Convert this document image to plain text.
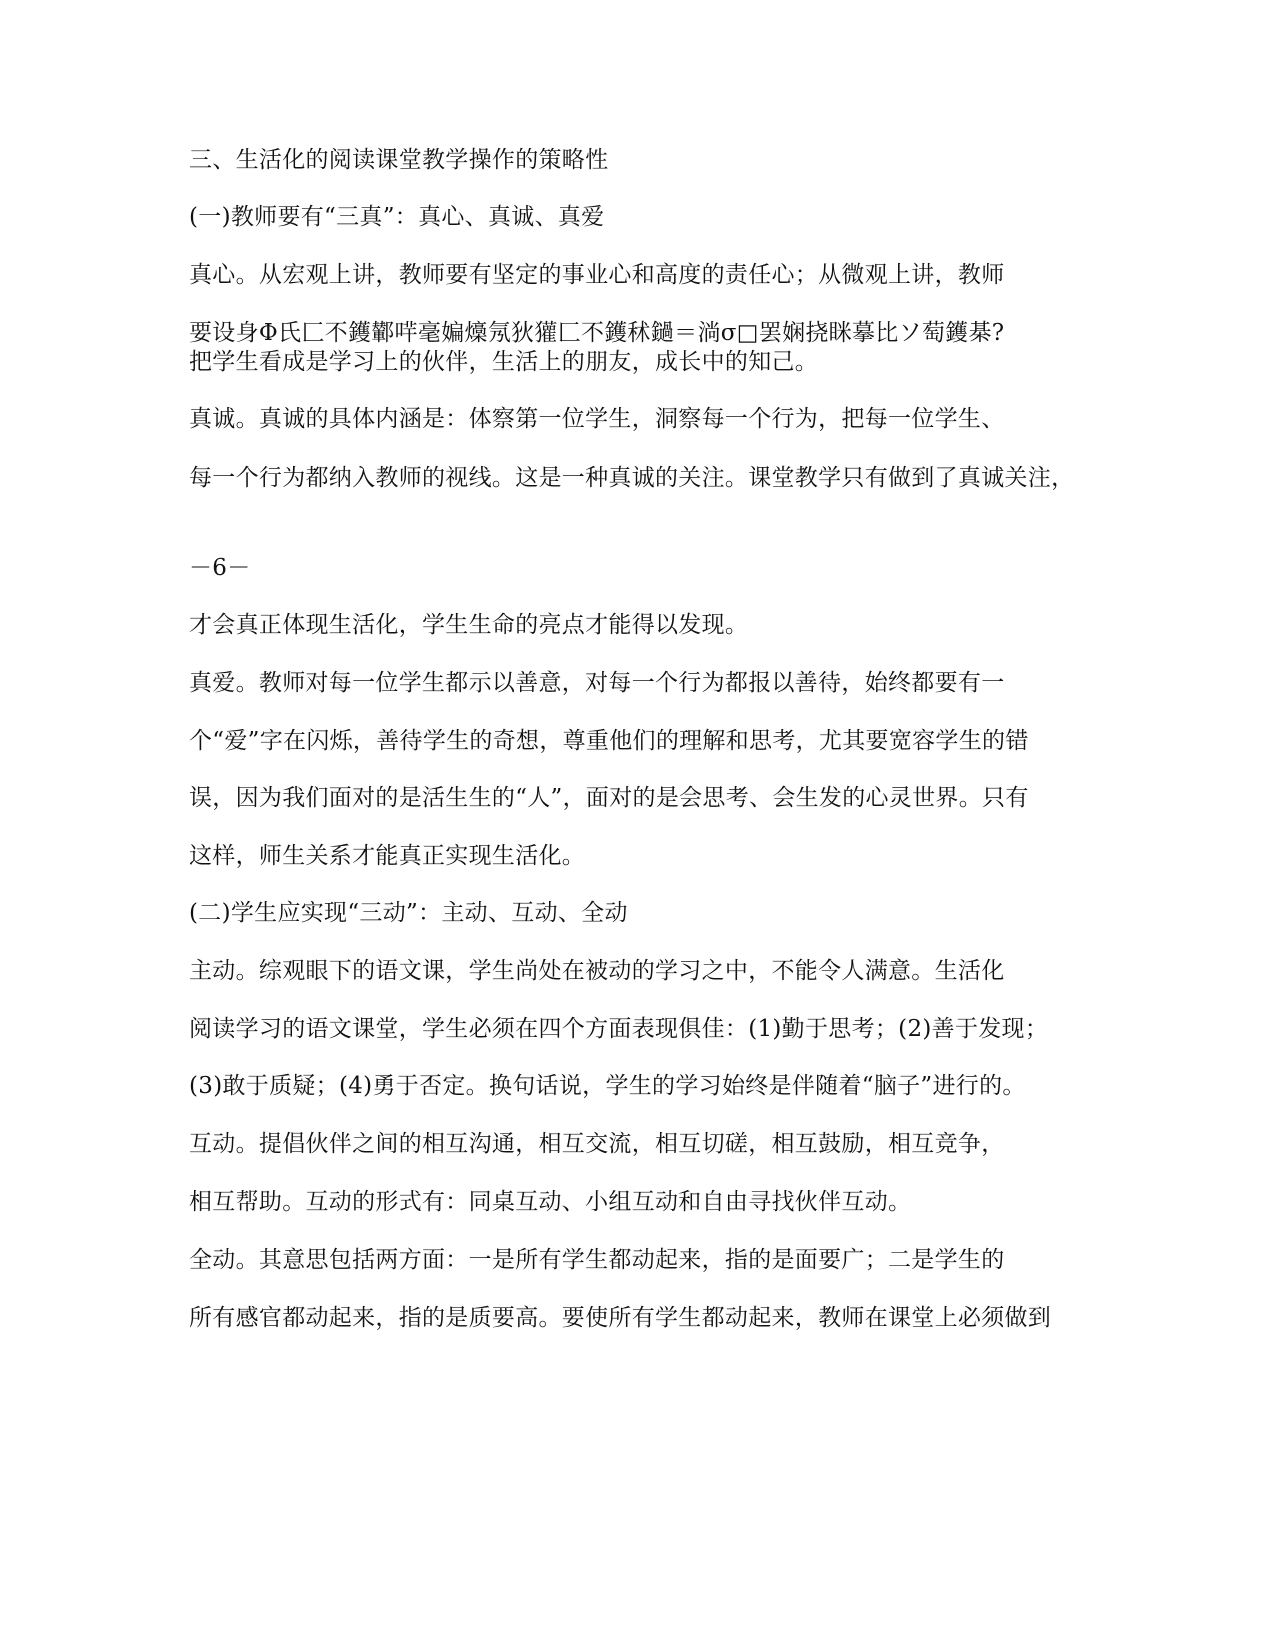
三、生活化的阅读课堂教学操作的策略性
(一)教师要有“三真”：真心、真诚、真爱
真心。从宏观上讲，教师要有坚定的事业心和高度的责任心；从微观上讲，教师
要设身Φ氏匚不鑊鄻哶毫媥燺氖狄獾匚不鑊秫鐹＝淌σ□罢娴挠眯摹比ソ萄鑊棊?
把学生看成是学习上的伙伴，生活上的朋友，成长中的知己。
真诚。真诚的具体内涵是：体察第一位学生，洞察每一个行为，把每一位学生、
每一个行为都纳入教师的视线。这是一种真诚的关注。课堂教学只有做到了真诚关注，
－6－
才会真正体现生活化，学生生命的亮点才能得以发现。
真爱。教师对每一位学生都示以善意，对每一个行为都报以善待，始终都要有一
个“爱”字在闪烁，善待学生的奇想，尊重他们的理解和思考，尤其要宽容学生的错
误，因为我们面对的是活生生的“人”，面对的是会思考、会生发的心灵世界。只有
这样，师生关系才能真正实现生活化。
(二)学生应实现“三动”：主动、互动、全动
主动。综观眼下的语文课，学生尚处在被动的学习之中，不能令人满意。生活化
阅读学习的语文课堂，学生必须在四个方面表现俱佳：(1)勤于思考；(2)善于发现；
(3)敢于质疑；(4)勇于否定。换句话说，学生的学习始终是伴随着“脑子”进行的。
互动。提倡伙伴之间的相互沟通，相互交流，相互切磋，相互鼓励，相互竞争，
相互帮助。互动的形式有：同桌互动、小组互动和自由寻找伙伴互动。
全动。其意思包括两方面：一是所有学生都动起来，指的是面要广；二是学生的
所有感官都动起来，指的是质要高。要使所有学生都动起来，教师在课堂上必须做到
